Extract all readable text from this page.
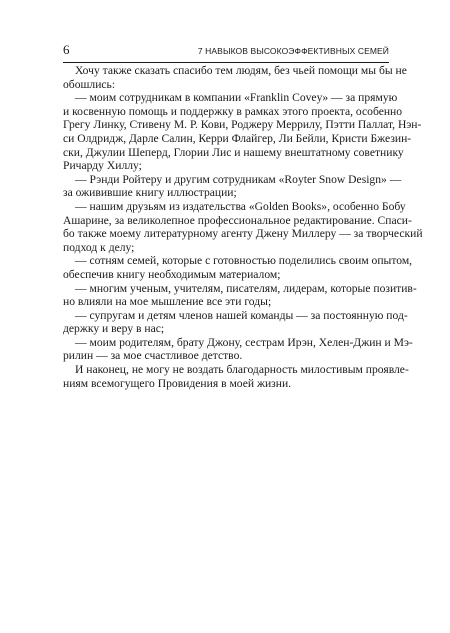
6	7 НАВЫКОВ ВЫСОКОЭФФЕКТИВНЫХ СЕМЕЙ
Хочу также сказать спасибо тем людям, без чьей помощи мы бы не
обошлись:
— моим сотрудникам в компании «Franklin Covey» — за прямую
и косвенную помощь и поддержку в рамках этого проекта, особенно
Грегу Линку, Стивену М. Р. Кови, Роджеру Меррилу, Пэтти Паллат, Нэн-
си Олдридж, Дарле Салин, Керри Флайгер, Ли Бейли, Кристи Бжезин-
ски, Джулии Шеперд, Глории Лис и нашему внештатному советнику
Ричарду Хиллу;
— Рэнди Ройтеру и другим сотрудникам «Royter Snow Design» —
за оживившие книгу иллюстрации;
— нашим друзьям из издательства «Golden Books», особенно Бобу
Ашарине, за великолепное профессиональное редактирование. Спаси-
бо также моему литературному агенту Джену Миллеру — за творческий
подход к делу;
— сотням семей, которые с готовностью поделились своим опытом,
обеспечив книгу необходимым материалом;
— многим ученым, учителям, писателям, лидерам, которые позитив-
но влияли на мое мышление все эти годы;
— супругам и детям членов нашей команды — за постоянную под-
держку и веру в нас;
— моим родителям, брату Джону, сестрам Ирэн, Хелен-Джин и Мэ-
рилин — за мое счастливое детство.
И наконец, не могу не воздать благодарность милостивым проявле-
ниям всемогущего Провидения в моей жизни.
